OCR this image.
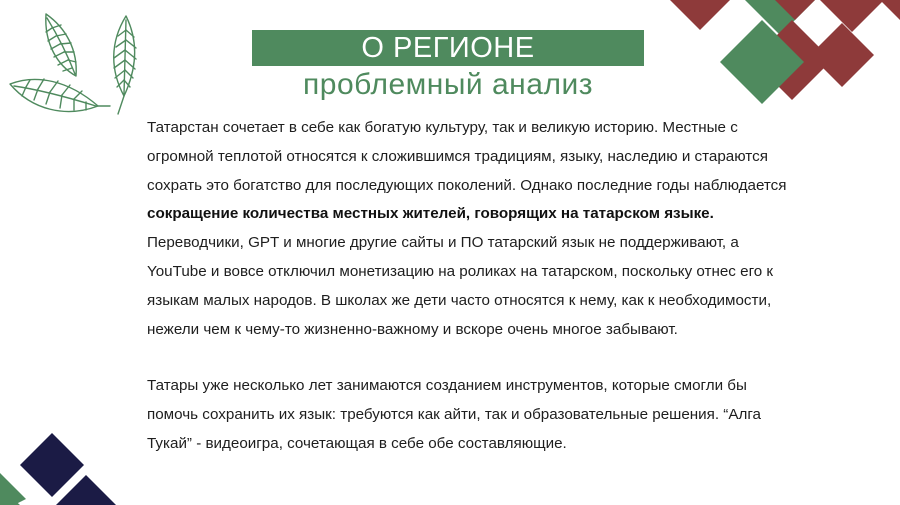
О РЕГИОНЕ
проблемный анализ

Татарстан сочетает в себе как богатую культуру, так и великую историю. Местные с огромной теплотой относятся к сложившимся традициям, языку, наследию и стараются сохрать это богатство для последующих поколений. Однако последние годы наблюдается сокращение количества местных жителей, говорящих на татарском языке. Переводчики, GPT и многие другие сайты и ПО татарский язык не поддерживают, а YouTube и вовсе отключил монетизацию на роликах на татарском, поскольку отнес его к языкам малых народов. В школах же дети часто относятся к нему, как к необходимости, нежели чем к чему-то жизненно-важному и вскоре очень многое забывают.

Татары уже несколько лет занимаются созданием инструментов, которые смогли бы помочь сохранить их язык: требуются как айти, так и образовательные решения. “Алга Тукай” - видеоигра, сочетающая в себе обе составляющие.
